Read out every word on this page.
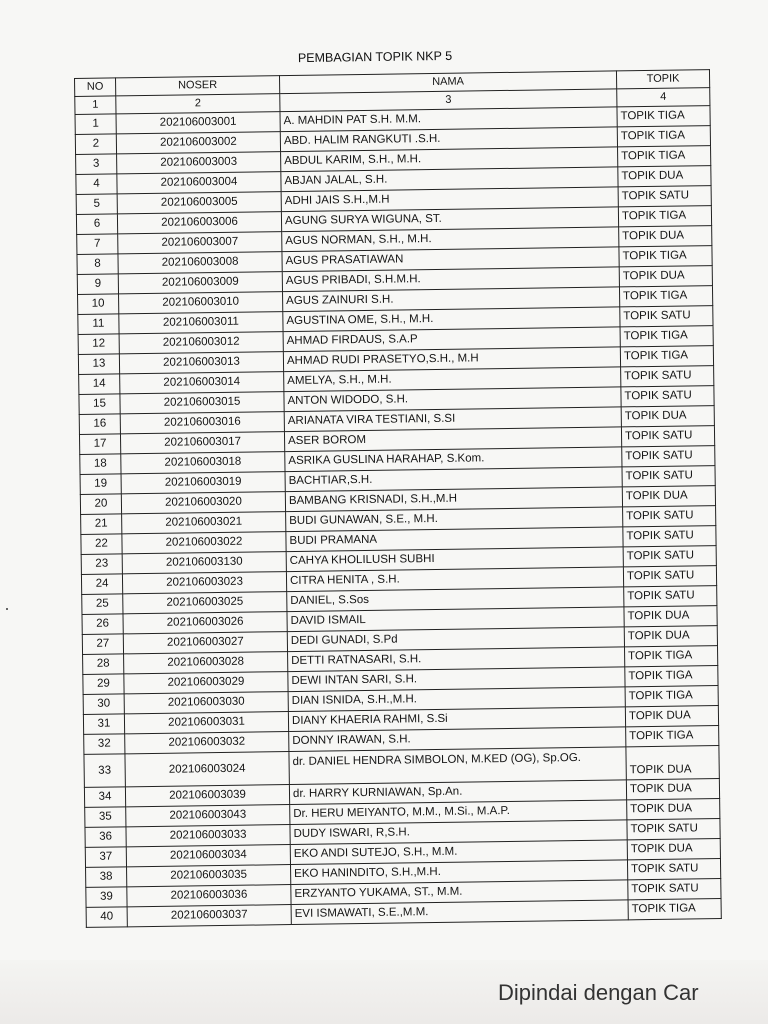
PEMBAGIAN TOPIK NKP 5
NO	NOSER	NAMA	TOPIK
1	2	3	4
1	202106003001	A. MAHDIN PAT S.H. M.M.	TOPIK TIGA
2	202106003002	ABD. HALIM RANGKUTI .S.H.	TOPIK TIGA
3	202106003003	ABDUL KARIM, S.H., M.H.	TOPIK TIGA
4	202106003004	ABJAN JALAL, S.H.	TOPIK DUA
5	202106003005	ADHI JAIS S.H.,M.H	TOPIK SATU
6	202106003006	AGUNG SURYA WIGUNA, ST.	TOPIK TIGA
7	202106003007	AGUS NORMAN, S.H., M.H.	TOPIK DUA
8	202106003008	AGUS PRASATIAWAN	TOPIK TIGA
9	202106003009	AGUS PRIBADI, S.H.M.H.	TOPIK DUA
10	202106003010	AGUS ZAINURI S.H.	TOPIK TIGA
11	202106003011	AGUSTINA OME, S.H., M.H.	TOPIK SATU
12	202106003012	AHMAD FIRDAUS, S.A.P	TOPIK TIGA
13	202106003013	AHMAD RUDI PRASETYO,S.H., M.H	TOPIK TIGA
14	202106003014	AMELYA, S.H., M.H.	TOPIK SATU
15	202106003015	ANTON WIDODO, S.H.	TOPIK SATU
16	202106003016	ARIANATA VIRA TESTIANI, S.SI	TOPIK DUA
17	202106003017	ASER BOROM	TOPIK SATU
18	202106003018	ASRIKA GUSLINA HARAHAP, S.Kom.	TOPIK SATU
19	202106003019	BACHTIAR,S.H.	TOPIK SATU
20	202106003020	BAMBANG KRISNADI, S.H.,M.H	TOPIK DUA
21	202106003021	BUDI GUNAWAN, S.E., M.H.	TOPIK SATU
22	202106003022	BUDI PRAMANA	TOPIK SATU
23	202106003130	CAHYA KHOLILUSH SUBHI	TOPIK SATU
24	202106003023	CITRA HENITA , S.H.	TOPIK SATU
25	202106003025	DANIEL, S.Sos	TOPIK SATU
26	202106003026	DAVID ISMAIL	TOPIK DUA
27	202106003027	DEDI GUNADI, S.Pd	TOPIK DUA
28	202106003028	DETTI RATNASARI, S.H.	TOPIK TIGA
29	202106003029	DEWI INTAN SARI, S.H.	TOPIK TIGA
30	202106003030	DIAN ISNIDA, S.H.,M.H.	TOPIK TIGA
31	202106003031	DIANY KHAERIA RAHMI, S.Si	TOPIK DUA
32	202106003032	DONNY IRAWAN, S.H.	TOPIK TIGA
33	202106003024	dr. DANIEL HENDRA SIMBOLON, M.KED (OG), Sp.OG.	TOPIK DUA
34	202106003039	dr. HARRY KURNIAWAN, Sp.An.	TOPIK DUA
35	202106003043	Dr. HERU MEIYANTO, M.M., M.Si., M.A.P.	TOPIK DUA
36	202106003033	DUDY ISWARI, R,S.H.	TOPIK SATU
37	202106003034	EKO ANDI SUTEJO, S.H., M.M.	TOPIK DUA
38	202106003035	EKO HANINDITO, S.H.,M.H.	TOPIK SATU
39	202106003036	ERZYANTO YUKAMA, ST., M.M.	TOPIK SATU
40	202106003037	EVI ISMAWATI, S.E.,M.M.	TOPIK TIGA
Dipindai dengan Car
